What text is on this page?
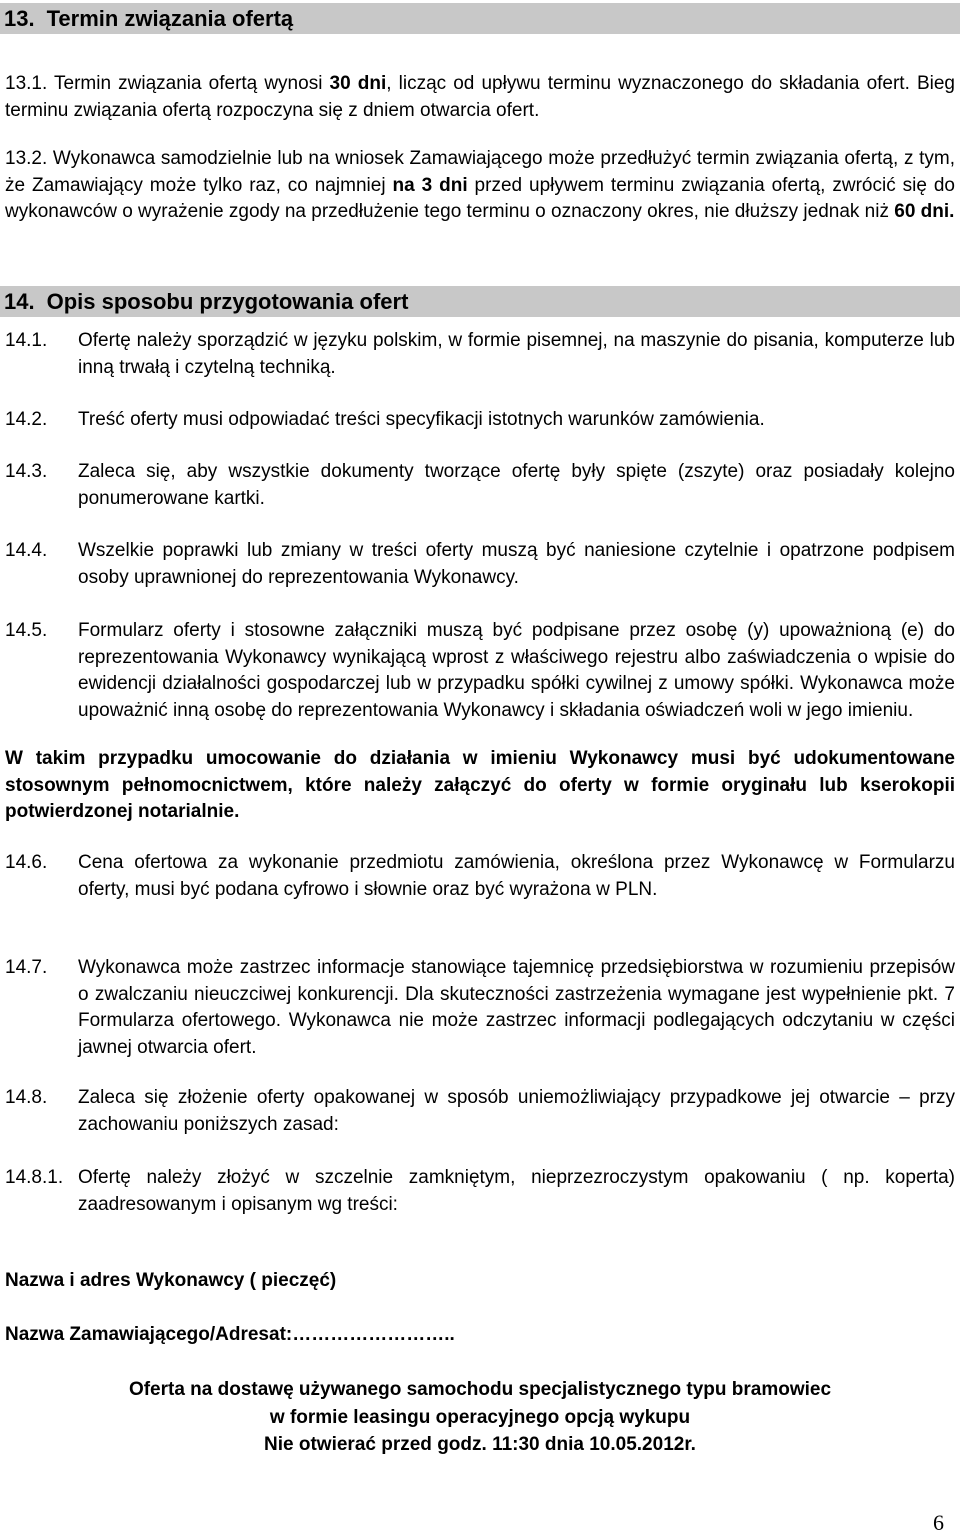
13. Termin związania ofertą
13.1. Termin związania ofertą wynosi 30 dni, licząc od upływu terminu wyznaczonego do składania ofert. Bieg terminu związania ofertą rozpoczyna się z dniem otwarcia ofert.
13.2. Wykonawca samodzielnie lub na wniosek Zamawiającego może przedłużyć termin związania ofertą, z tym, że Zamawiający może tylko raz, co najmniej na 3 dni przed upływem terminu związania ofertą, zwrócić się do wykonawców o wyrażenie zgody na przedłużenie tego terminu o oznaczony okres, nie dłuższy jednak niż 60 dni.
14. Opis sposobu przygotowania ofert
14.1. Ofertę należy sporządzić w języku polskim, w formie pisemnej, na maszynie do pisania, komputerze lub inną trwałą i czytelną techniką.
14.2. Treść oferty musi odpowiadać treści specyfikacji istotnych warunków zamówienia.
14.3. Zaleca się, aby wszystkie dokumenty tworzące ofertę były spięte (zszyte) oraz posiadały kolejno ponumerowane kartki.
14.4. Wszelkie poprawki lub zmiany w treści oferty muszą być naniesione czytelnie i opatrzone podpisem osoby uprawnionej do reprezentowania Wykonawcy.
14.5. Formularz oferty i stosowne załączniki muszą być podpisane przez osobę (y) upoważnioną (e) do reprezentowania Wykonawcy wynikającą wprost z właściwego rejestru albo zaświadczenia o wpisie do ewidencji działalności gospodarczej lub w przypadku spółki cywilnej z umowy spółki. Wykonawca może upoważnić inną osobę do reprezentowania Wykonawcy i składania oświadczeń woli w jego imieniu.
W takim przypadku umocowanie do działania w imieniu Wykonawcy musi być udokumentowane stosownym pełnomocnictwem, które należy załączyć do oferty w formie oryginału lub kserokopii potwierdzonej notarialnie.
14.6. Cena ofertowa za wykonanie przedmiotu zamówienia, określona przez Wykonawcę w Formularzu oferty, musi być podana cyfrowo i słownie oraz być wyrażona w PLN.
14.7. Wykonawca może zastrzec informacje stanowiące tajemnicę przedsiębiorstwa w rozumieniu przepisów o zwalczaniu nieuczciwej konkurencji. Dla skuteczności zastrzeżenia wymagane jest wypełnienie pkt. 7 Formularza ofertowego. Wykonawca nie może zastrzec informacji podlegających odczytaniu w części jawnej otwarcia ofert.
14.8. Zaleca się złożenie oferty opakowanej w sposób uniemożliwiający przypadkowe jej otwarcie – przy zachowaniu poniższych zasad:
14.8.1. Ofertę należy złożyć w szczelnie zamkniętym, nieprzezroczystym opakowaniu ( np. koperta) zaadresowanym i opisanym wg treści:
Nazwa i adres Wykonawcy ( pieczęć)
Nazwa Zamawiającego/Adresat:……………………..
Oferta na dostawę używanego samochodu specjalistycznego typu bramowiec
w formie leasingu operacyjnego opcją wykupu
Nie otwierać przed godz. 11:30 dnia 10.05.2012r.
6
